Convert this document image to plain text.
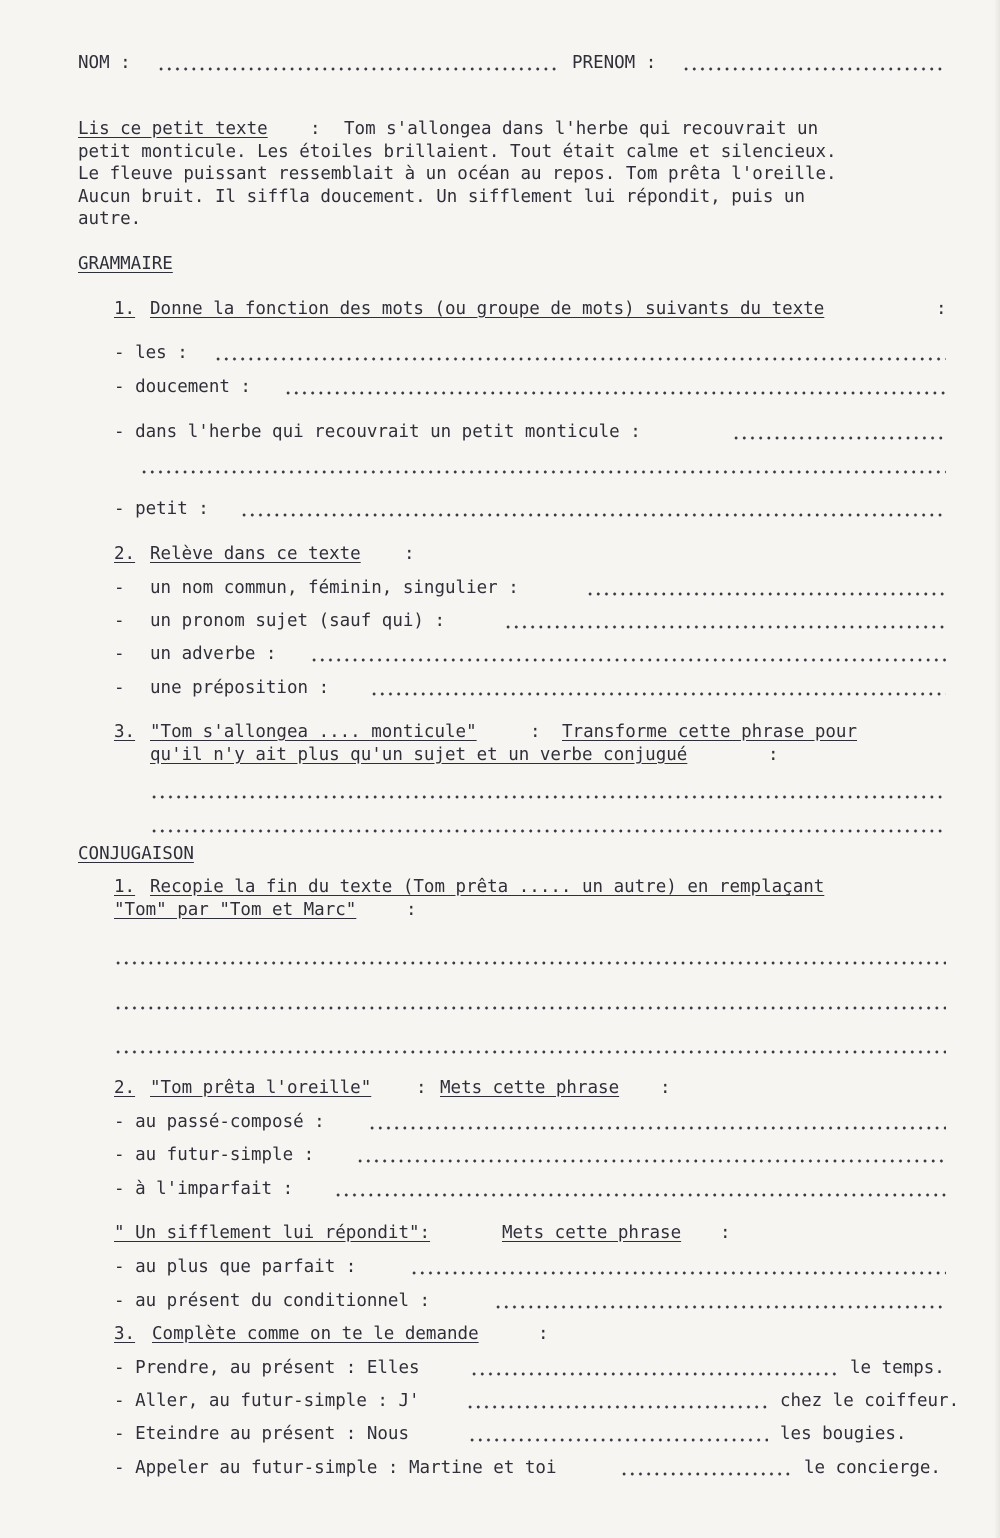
NOM :	PRENOM :
Lis ce petit texte : Tom s'allongea dans l'herbe qui recouvrait un
petit monticule. Les étoiles brillaient. Tout était calme et silencieux.
Le fleuve puissant ressemblait à un océan au repos. Tom prêta l'oreille.
Aucun bruit. Il siffla doucement. Un sifflement lui répondit, puis un
autre.
GRAMMAIRE
1. Donne la fonction des mots (ou groupe de mots) suivants du texte	:
- les :
- doucement :
- dans l'herbe qui recouvrait un petit monticule :
- petit :
2. Relève dans ce texte :
- un nom commun, féminin, singulier :
- un pronom sujet (sauf qui) :
- un adverbe :
- une préposition :
3. "Tom s'allongea .... monticule"	: Transforme cette phrase pour
qu'il n'y ait plus qu'un sujet et un verbe conjugué	:
CONJUGAISON
1. Recopie la fin du texte (Tom prêta ..... un autre) en remplaçant
"Tom" par "Tom et Marc"	:
2. "Tom prêta l'oreille"	: Mets cette phrase :
- au passé-composé :
- au futur-simple :
- à l'imparfait :
" Un sifflement lui répondit":	Mets cette phrase :
- au plus que parfait :
- au présent du conditionnel :
3. Complète comme on te le demande	:
- Prendre, au présent : Elles	le temps.
- Aller, au futur-simple : J'	chez le coiffeur.
- Eteindre au présent : Nous	les bougies.
- Appeler au futur-simple : Martine et toi	le concierge.
